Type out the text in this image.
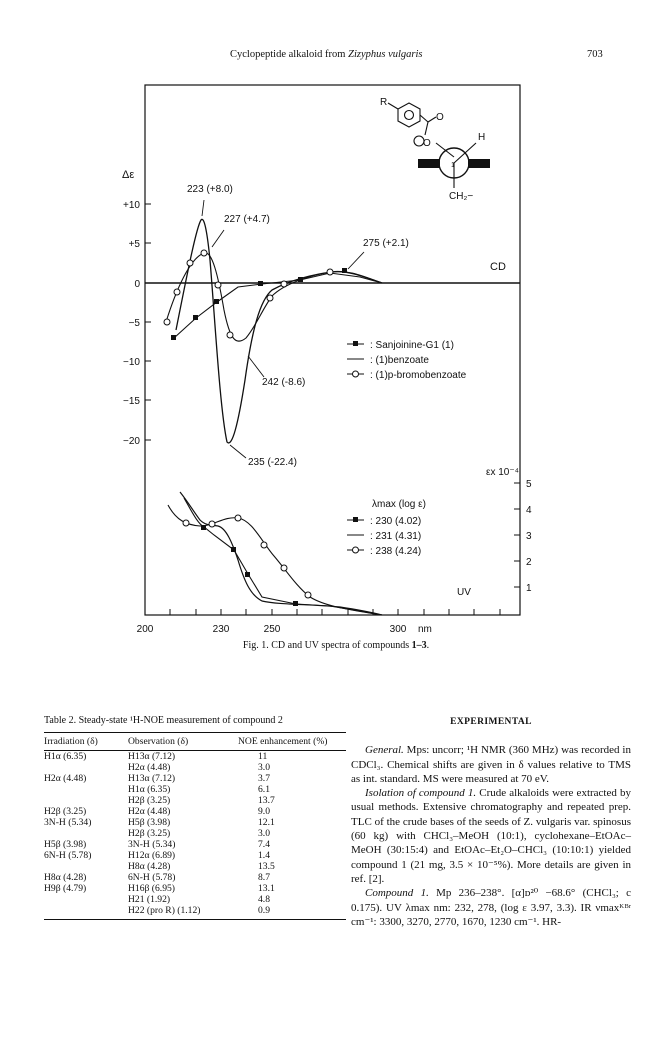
Cyclopeptide alkaloid from Zizyphus vulgaris	703
Δε
+10
+5
0
−5
−10
−15
−20
223 (+8.0)
227 (+4.7)
275 (+2.1)
242 (-8.6)
235 (-22.4)
CD
: Sanjoinine-G1 (1)
: (1)benzoate
: (1)p-bromobenzoate
R
O
O
H
1
CH₂−
εx 10⁻⁴
5
4
3
2
1
UV
λmax (log ε)
: 230 (4.02)
: 231 (4.31)
: 238 (4.24)
200	230	250	300 nm
Fig. 1. CD and UV spectra of compounds 1–3.
Table 2. Steady-state ¹H-NOE measurement of compound 2
Irradiation (δ)	Observation (δ)	NOE enhancement (%)
H1α (6.35)	H13α (7.12)	11
	H2α (4.48)	3.0
H2α (4.48)	H13α (7.12)	3.7
	H1α (6.35)	6.1
	H2β (3.25)	13.7
H2β (3.25)	H2α (4.48)	9.0
3N-H (5.34)	H5β (3.98)	12.1
	H2β (3.25)	3.0
H5β (3.98)	3N-H (5.34)	7.4
6N-H (5.78)	H12α (6.89)	1.4
	H8α (4.28)	13.5
H8α (4.28)	6N-H (5.78)	8.7
H9β (4.79)	H16β (6.95)	13.1
	H21 (1.92)	4.8
	H22 (pro R) (1.12)	0.9
EXPERIMENTAL

General. Mps: uncorr; ¹H NMR (360 MHz) was recorded in CDCl₃. Chemical shifts are given in δ values relative to TMS as int. standard. MS were measured at 70 eV.

Isolation of compound 1. Crude alkaloids were extracted by usual methods. Extensive chromatography and repeated prep. TLC of the crude bases of the seeds of Z. vulgaris var. spinosus (60 kg) with CHCl₃–MeOH (10:1), cyclohexane–EtOAc–MeOH (30:15:4) and EtOAc–Et₂O–CHCl₃ (10:10:1) yielded compound 1 (21 mg, 3.5 × 10⁻⁵%). More details are given in ref. [2].

Compound 1. Mp 236–238°. [α]ᴅ²⁰ −68.6° (CHCl₃; c 0.175). UV λmax nm: 232, 278, (log ε 3.97, 3.3). IR νmaxᴷᴮʳ cm⁻¹: 3300, 3270, 2770, 1670, 1230 cm⁻¹. HR-
